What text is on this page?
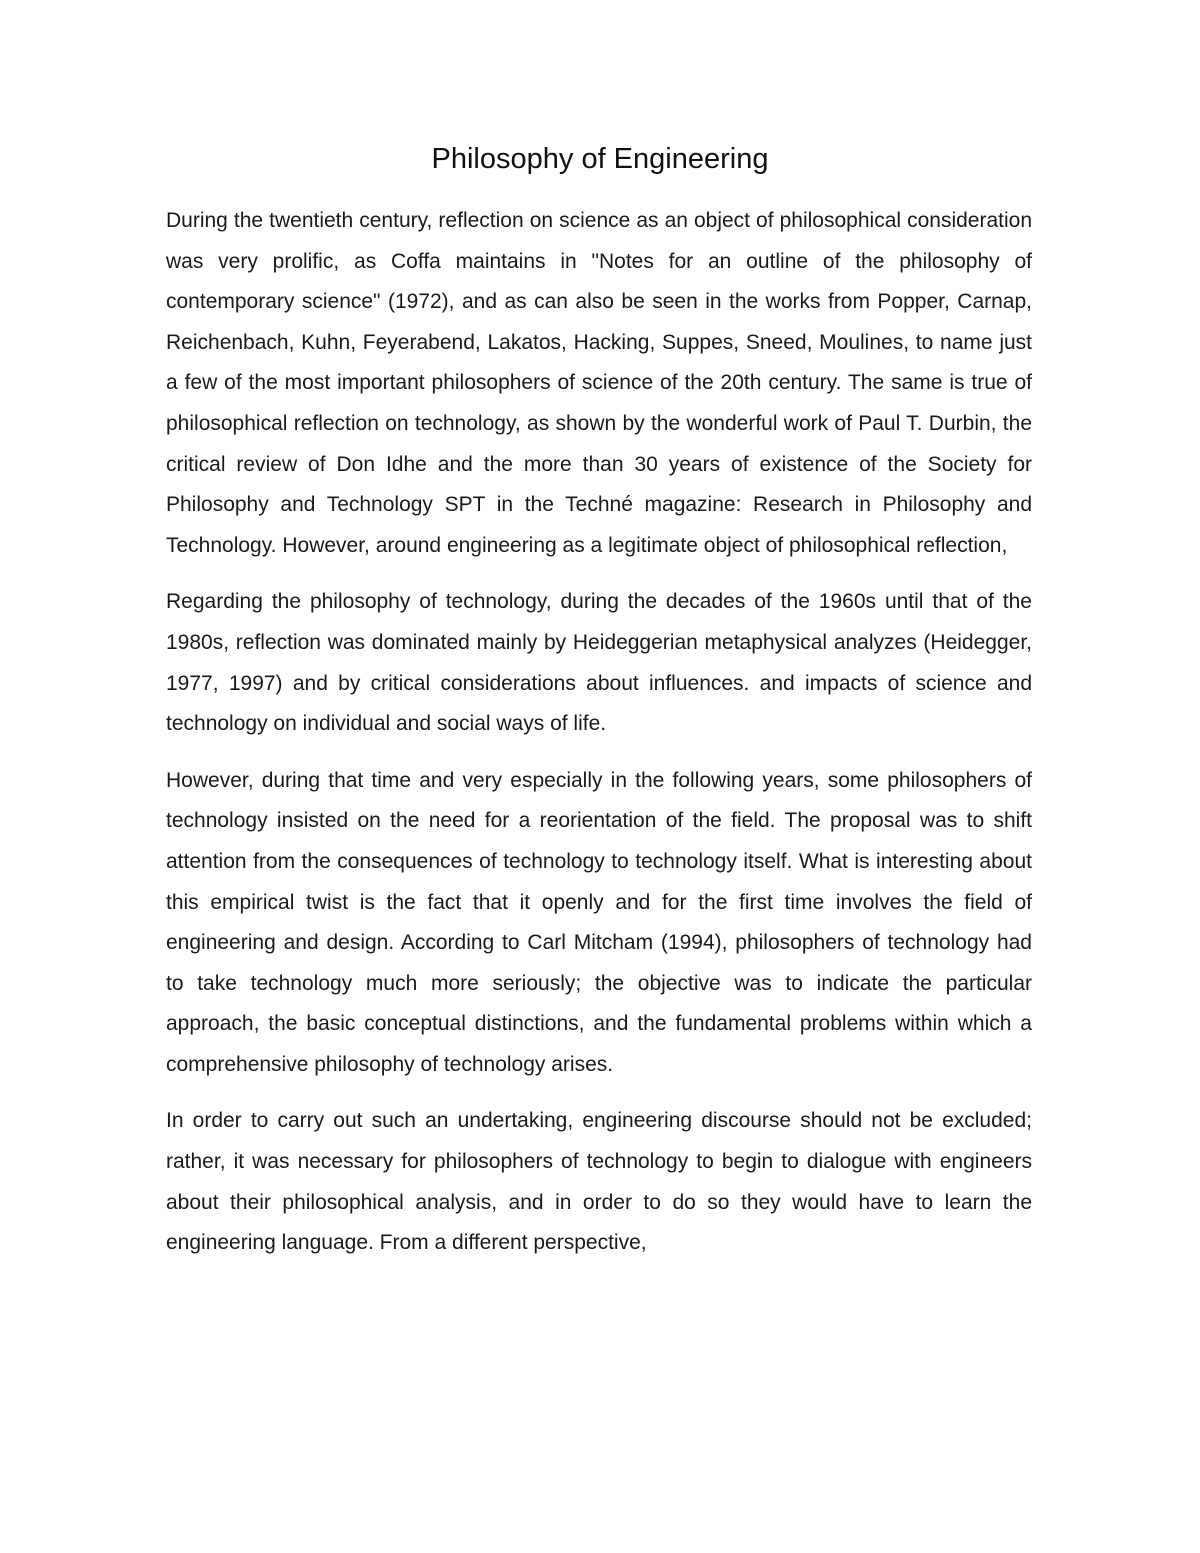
Philosophy of Engineering

During the twentieth century, reflection on science as an object of philosophical consideration was very prolific, as Coffa maintains in "Notes for an outline of the philosophy of contemporary science" (1972), and as can also be seen in the works from Popper, Carnap, Reichenbach, Kuhn, Feyerabend, Lakatos, Hacking, Suppes, Sneed, Moulines, to name just a few of the most important philosophers of science of the 20th century. The same is true of philosophical reflection on technology, as shown by the wonderful work of Paul T. Durbin, the critical review of Don Idhe and the more than 30 years of existence of the Society for Philosophy and Technology SPT in the Techné magazine: Research in Philosophy and Technology. However, around engineering as a legitimate object of philosophical reflection,

Regarding the philosophy of technology, during the decades of the 1960s until that of the 1980s, reflection was dominated mainly by Heideggerian metaphysical analyzes (Heidegger, 1977, 1997) and by critical considerations about influences. and impacts of science and technology on individual and social ways of life.

However, during that time and very especially in the following years, some philosophers of technology insisted on the need for a reorientation of the field. The proposal was to shift attention from the consequences of technology to technology itself. What is interesting about this empirical twist is the fact that it openly and for the first time involves the field of engineering and design. According to Carl Mitcham (1994), philosophers of technology had to take technology much more seriously; the objective was to indicate the particular approach, the basic conceptual distinctions, and the fundamental problems within which a comprehensive philosophy of technology arises.

In order to carry out such an undertaking, engineering discourse should not be excluded; rather, it was necessary for philosophers of technology to begin to dialogue with engineers about their philosophical analysis, and in order to do so they would have to learn the engineering language. From a different perspective,
